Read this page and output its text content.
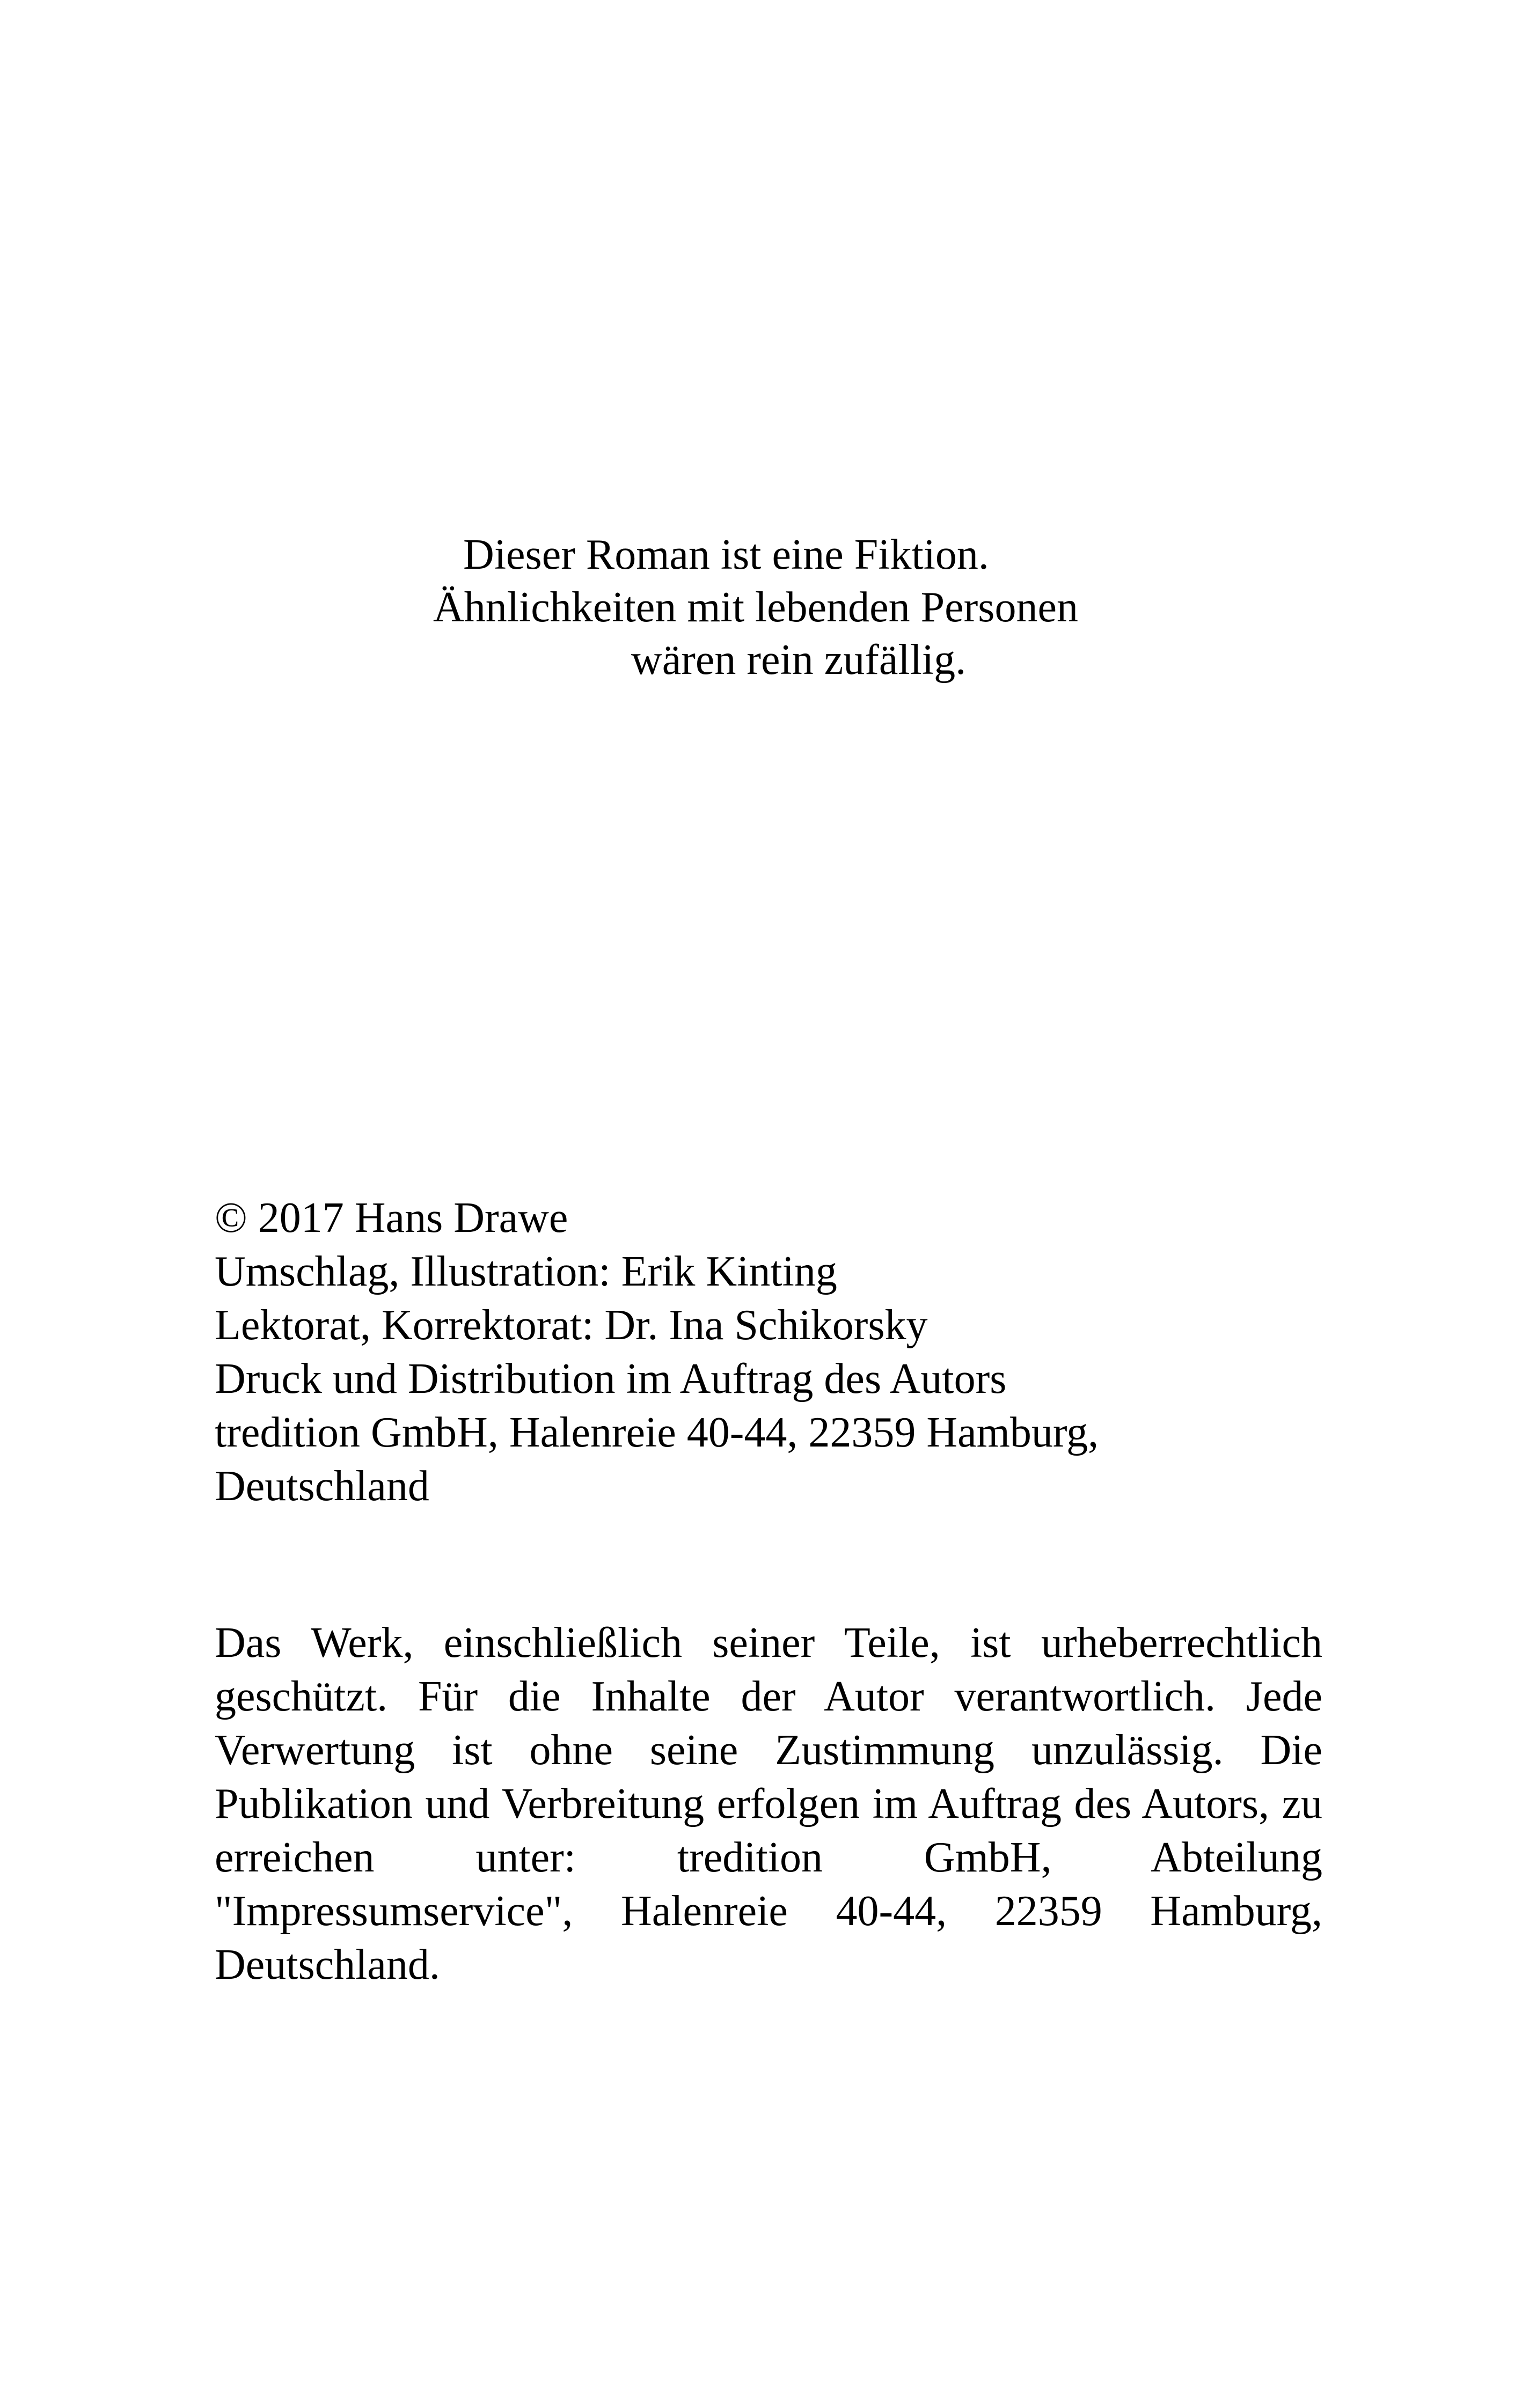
Dieser Roman ist eine Fiktion.
Ähnlichkeiten mit lebenden Personen
wären rein zufällig.
© 2017 Hans Drawe
Umschlag, Illustration: Erik Kinting
Lektorat, Korrektorat: Dr. Ina Schikorsky
Druck und Distribution im Auftrag des Autors
tredition GmbH, Halenreie 40-44, 22359 Hamburg,
Deutschland
Das Werk, einschließlich seiner Teile, ist urheberrechtlich geschützt. Für die Inhalte der Autor verantwortlich. Jede Verwertung ist ohne seine Zustimmung unzulässig. Die Publikation und Verbreitung erfolgen im Auftrag des Autors, zu erreichen unter: tredition GmbH, Abteilung "Impressumservice", Halenreie 40-44, 22359 Hamburg, Deutschland.
